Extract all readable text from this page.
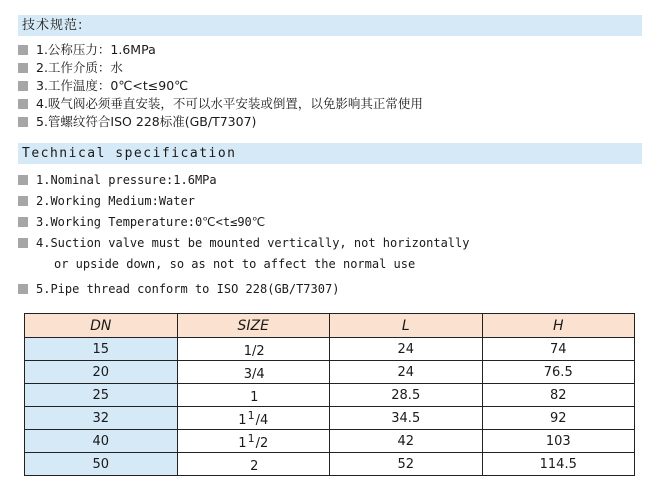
技术规范:
1.公称压力：1.6MPa
2.工作介质：水
3.工作温度：0℃<t≤90℃
4.吸气阀必须垂直安装，不可以水平安装或倒置，以免影响其正常使用
5.管螺纹符合ISO 228标准(GB/T7307)
Technical specification
1.Nominal pressure:1.6MPa
2.Working Medium:Water
3.Working Temperature:0℃<t≤90℃
4.Suction valve must be mounted vertically, not horizontally
or upside down, so as not to affect the normal use
5.Pipe thread conform to ISO 228(GB/T7307)
DN	SIZE	L	H
15	1/2	24	74
20	3/4	24	76.5
25	1	28.5	82
32	$1^1/4$	34.5	92
40	$1^1/2$	42	103
50	2	52	114.5
